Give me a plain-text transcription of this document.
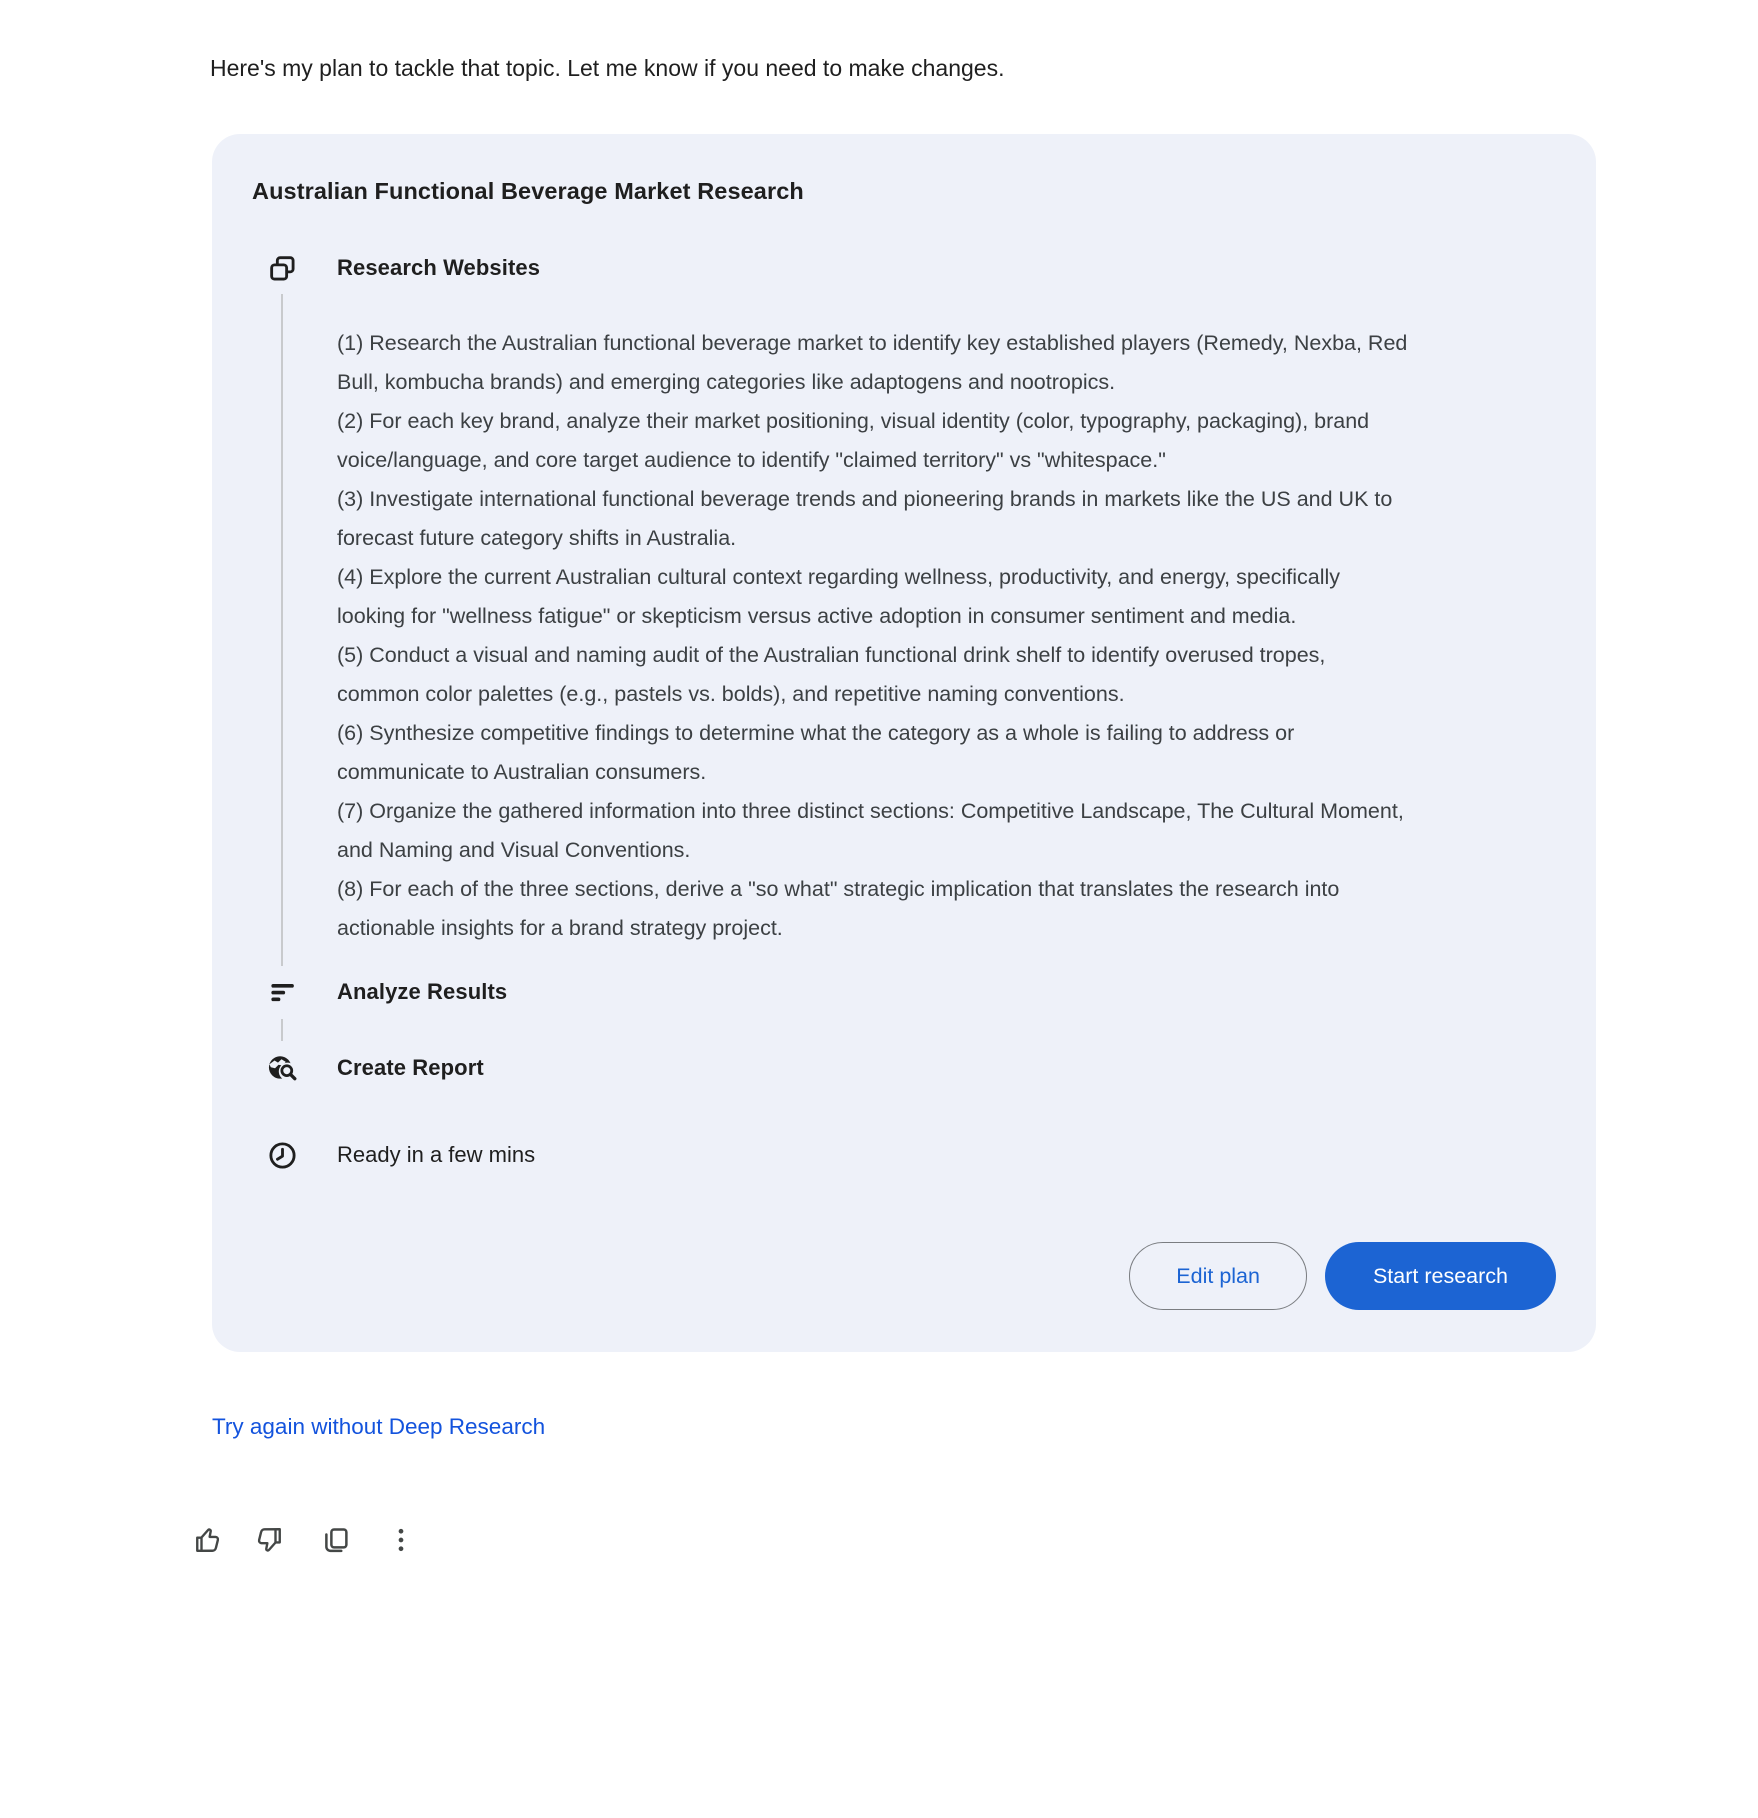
Here's my plan to tackle that topic. Let me know if you need to make changes.

Australian Functional Beverage Market Research
Research Websites

(1) Research the Australian functional beverage market to identify key established players (Remedy, Nexba, Red Bull, kombucha brands) and emerging categories like adaptogens and nootropics.

(2) For each key brand, analyze their market positioning, visual identity (color, typography, packaging), brand voice/language, and core target audience to identify "claimed territory" vs "whitespace."

(3) Investigate international functional beverage trends and pioneering brands in markets like the US and UK to forecast future category shifts in Australia.

(4) Explore the current Australian cultural context regarding wellness, productivity, and energy, specifically looking for "wellness fatigue" or skepticism versus active adoption in consumer sentiment and media.

(5) Conduct a visual and naming audit of the Australian functional drink shelf to identify overused tropes, common color palettes (e.g., pastels vs. bolds), and repetitive naming conventions.

(6) Synthesize competitive findings to determine what the category as a whole is failing to address or communicate to Australian consumers.

(7) Organize the gathered information into three distinct sections: Competitive Landscape, The Cultural Moment, and Naming and Visual Conventions.

(8) For each of the three sections, derive a "so what" strategic implication that translates the research into actionable insights for a brand strategy project.

Analyze Results
Create Report
Ready in a few mins
Edit plan	Start research
Try again without Deep Research
